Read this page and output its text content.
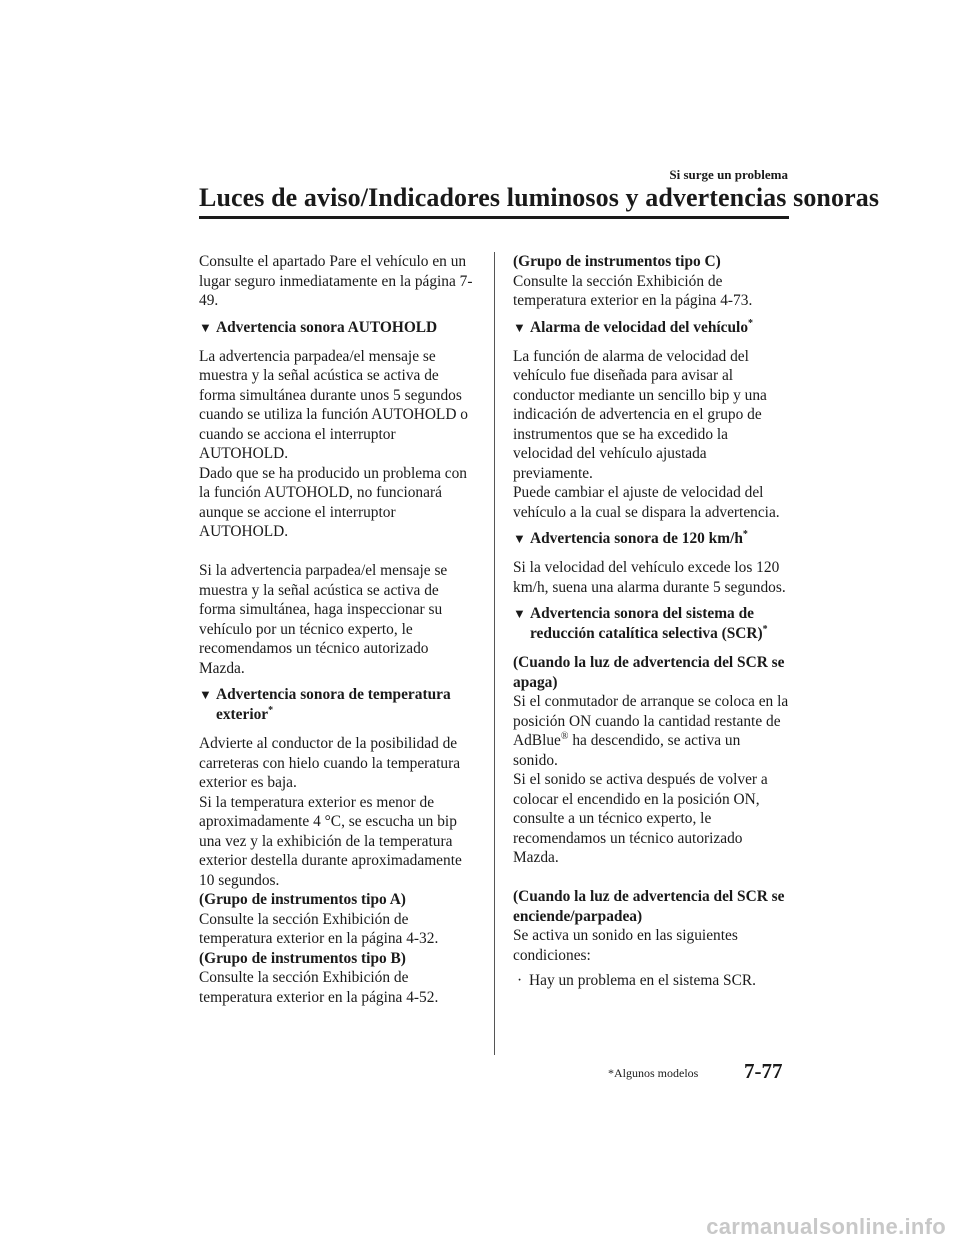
Si surge un problema
Luces de aviso/Indicadores luminosos y advertencias sonoras

Consulte el apartado Pare el vehículo en un lugar seguro inmediatamente en la página 7-49.

▼ Advertencia sonora AUTOHOLD

La advertencia parpadea/el mensaje se muestra y la señal acústica se activa de forma simultánea durante unos 5 segundos cuando se utiliza la función AUTOHOLD o cuando se acciona el interruptor AUTOHOLD.

Dado que se ha producido un problema con la función AUTOHOLD, no funcionará aunque se accione el interruptor AUTOHOLD.

Si la advertencia parpadea/el mensaje se muestra y la señal acústica se activa de forma simultánea, haga inspeccionar su vehículo por un técnico experto, le recomendamos un técnico autorizado Mazda.

▼ Advertencia sonora de temperatura exterior*

Advierte al conductor de la posibilidad de carreteras con hielo cuando la temperatura exterior es baja.

Si la temperatura exterior es menor de aproximadamente 4 °C, se escucha un bip una vez y la exhibición de la temperatura exterior destella durante aproximadamente 10 segundos.

(Grupo de instrumentos tipo A)

Consulte la sección Exhibición de temperatura exterior en la página 4-32.

(Grupo de instrumentos tipo B)

Consulte la sección Exhibición de temperatura exterior en la página 4-52.

(Grupo de instrumentos tipo C)

Consulte la sección Exhibición de temperatura exterior en la página 4-73.

▼ Alarma de velocidad del vehículo*

La función de alarma de velocidad del vehículo fue diseñada para avisar al conductor mediante un sencillo bip y una indicación de advertencia en el grupo de instrumentos que se ha excedido la velocidad del vehículo ajustada previamente.

Puede cambiar el ajuste de velocidad del vehículo a la cual se dispara la advertencia.

▼ Advertencia sonora de 120 km/h*

Si la velocidad del vehículo excede los 120 km/h, suena una alarma durante 5 segundos.

▼ Advertencia sonora del sistema de reducción catalítica selectiva (SCR)*

(Cuando la luz de advertencia del SCR se apaga)

Si el conmutador de arranque se coloca en la posición ON cuando la cantidad restante de AdBlue® ha descendido, se activa un sonido.

Si el sonido se activa después de volver a colocar el encendido en la posición ON, consulte a un técnico experto, le recomendamos un técnico autorizado Mazda.

(Cuando la luz de advertencia del SCR se enciende/parpadea)

Se activa un sonido en las siguientes condiciones:

· Hay un problema en el sistema SCR.
*Algunos modelos 7-77
carmanualsonline.info
